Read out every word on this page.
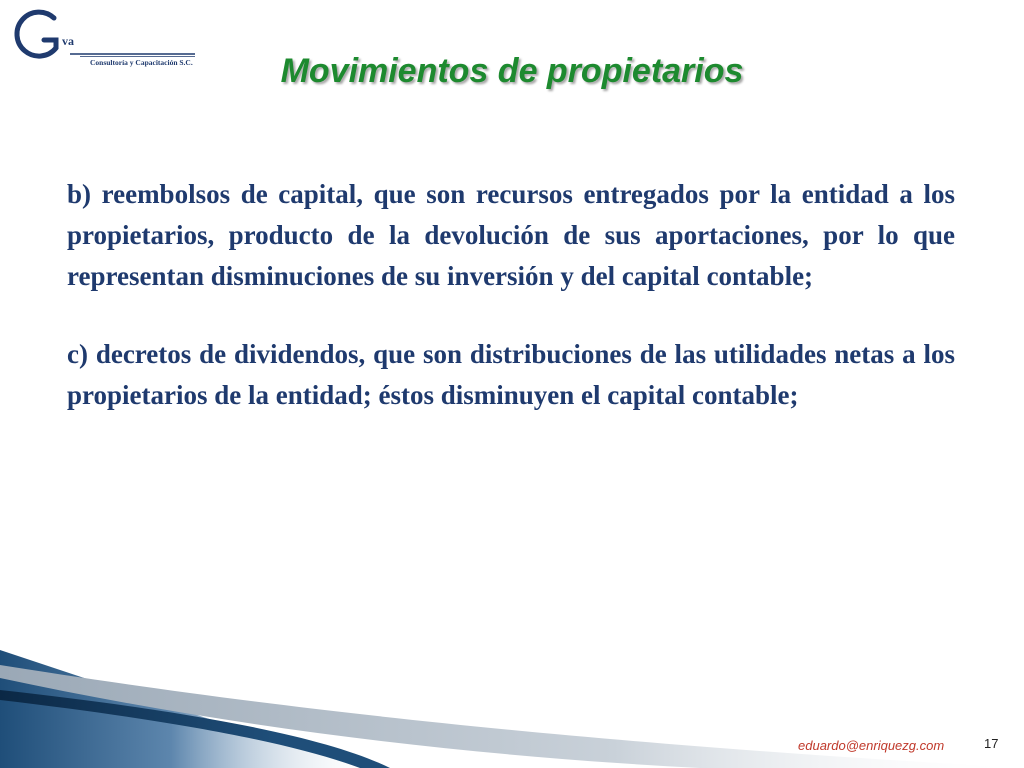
va
Consultoría y Capacitación S.C.	Movimientos de propietarios

b) reembolsos de capital, que son recursos entregados por la entidad a los propietarios, producto de la devolución de sus aportaciones, por lo que representan disminuciones de su inversión y del capital contable;

c) decretos de dividendos, que son distribuciones de las utilidades netas a los propietarios de la entidad; éstos disminuyen el capital contable;

eduardo@enriquezg.com	17
